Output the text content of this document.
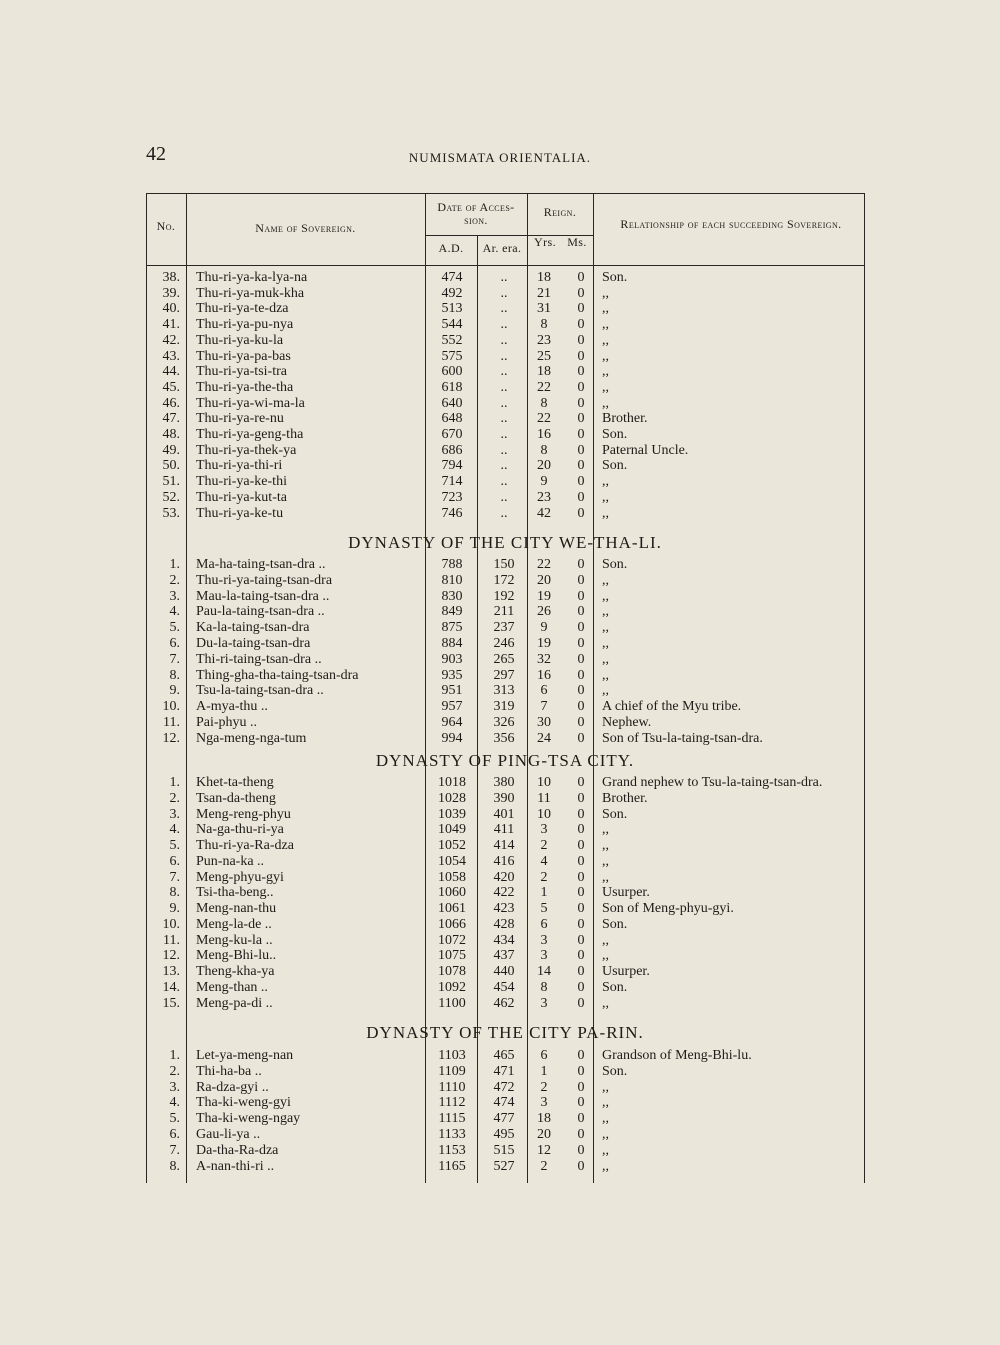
42	NUMISMATA ORIENTALIA.
No.	Name of Sovereign.
Date of Acces-sion.
A.D.	Ar. era.
Reign.
Yrs. Ms.
Relationship of each succeeding Sovereign.
38. Thu-ri-ya-ka-lya-na	474	..	18	0	Son.
39. Thu-ri-ya-muk-kha	492	..	21	0	,,
40. Thu-ri-ya-te-dza	513	..	31	0	,,
41. Thu-ri-ya-pu-nya	544	..	8	0	,,
42. Thu-ri-ya-ku-la	552	..	23	0	,,
43. Thu-ri-ya-pa-bas	575	..	25	0	,,
44. Thu-ri-ya-tsi-tra	600	..	18	0	,,
45. Thu-ri-ya-the-tha	618	..	22	0	,,
46. Thu-ri-ya-wi-ma-la	640	..	8	0	,,
47. Thu-ri-ya-re-nu	648	..	22	0	Brother.
48. Thu-ri-ya-geng-tha	670	..	16	0	Son.
49. Thu-ri-ya-thek-ya	686	..	8	0	Paternal Uncle.
50. Thu-ri-ya-thi-ri	794	..	20	0	Son.
51. Thu-ri-ya-ke-thi	714	..	9	0	,,
52. Thu-ri-ya-kut-ta	723	..	23	0	,,
53. Thu-ri-ya-ke-tu	746	..	42	0	,,
DYNASTY OF THE CITY WE-THA-LI.
1. Ma-ha-taing-tsan-dra ..	788	150	22	0	Son.
2. Thu-ri-ya-taing-tsan-dra	810	172	20	0	,,
3. Mau-la-taing-tsan-dra ..	830	192	19	0	,,
4. Pau-la-taing-tsan-dra ..	849	211	26	0	,,
5. Ka-la-taing-tsan-dra	875	237	9	0	,,
6. Du-la-taing-tsan-dra	884	246	19	0	,,
7. Thi-ri-taing-tsan-dra ..	903	265	32	0	,,
8. Thing-gha-tha-taing-tsan-dra	935	297	16	0	,,
9. Tsu-la-taing-tsan-dra ..	951	313	6	0	,,
10. A-mya-thu ..	957	319	7	0	A chief of the Myu tribe.
11. Pai-phyu ..	964	326	30	0	Nephew.
12. Nga-meng-nga-tum	994	356	24	0	Son of Tsu-la-taing-tsan-dra.
DYNASTY OF PING-TSA CITY.
1. Khet-ta-theng	1018	380	10	0	Grand nephew to Tsu-la-taing-tsan-dra.
2. Tsan-da-theng	1028	390	11	0	Brother.
3. Meng-reng-phyu	1039	401	10	0	Son.
4. Na-ga-thu-ri-ya	1049	411	3	0	,,
5. Thu-ri-ya-Ra-dza	1052	414	2	0	,,
6. Pun-na-ka ..	1054	416	4	0	,,
7. Meng-phyu-gyi	1058	420	2	0	,,
8. Tsi-tha-beng..	1060	422	1	0	Usurper.
9. Meng-nan-thu	1061	423	5	0	Son of Meng-phyu-gyi.
10. Meng-la-de ..	1066	428	6	0	Son.
11. Meng-ku-la ..	1072	434	3	0	,,
12. Meng-Bhi-lu..	1075	437	3	0	,,
13. Theng-kha-ya	1078	440	14	0	Usurper.
14. Meng-than ..	1092	454	8	0	Son.
15. Meng-pa-di ..	1100	462	3	0	,,
DYNASTY OF THE CITY PA-RIN.
1. Let-ya-meng-nan	1103	465	6	0	Grandson of Meng-Bhi-lu.
2. Thi-ha-ba ..	1109	471	1	0	Son.
3. Ra-dza-gyi ..	1110	472	2	0	,,
4. Tha-ki-weng-gyi	1112	474	3	0	,,
5. Tha-ki-weng-ngay	1115	477	18	0	,,
6. Gau-li-ya ..	1133	495	20	0	,,
7. Da-tha-Ra-dza	1153	515	12	0	,,
8. A-nan-thi-ri ..	1165	527	2	0	,,
